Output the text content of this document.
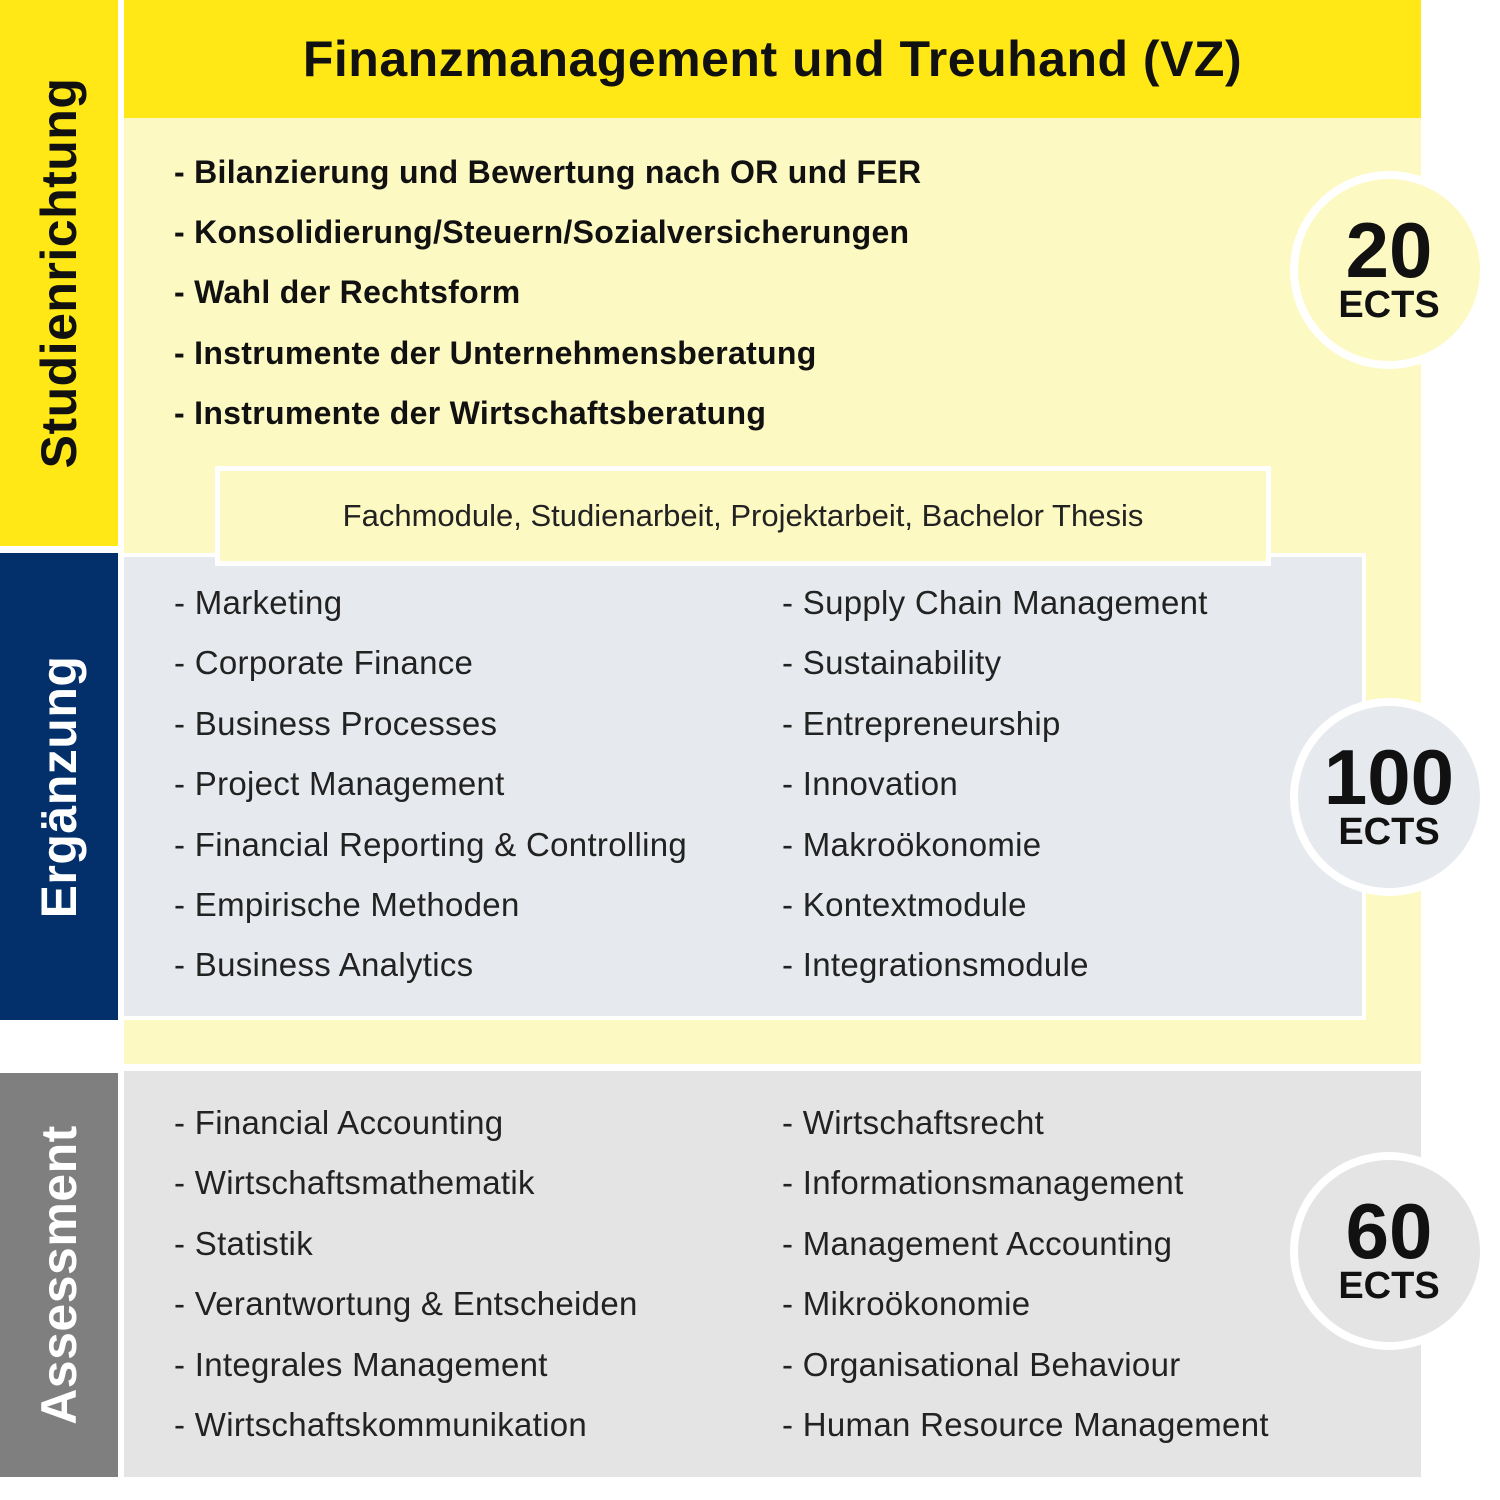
Finanzmanagement und Treuhand (VZ)
Studienrichtung
Ergänzung
Assessment
- Bilanzierung und Bewertung nach OR und FER
- Konsolidierung/Steuern/Sozialversicherungen
- Wahl der Rechtsform
- Instrumente der Unternehmensberatung
- Instrumente der Wirtschaftsberatung
Fachmodule, Studienarbeit, Projektarbeit, Bachelor Thesis
- Marketing
- Corporate Finance
- Business Processes
- Project Management
- Financial Reporting & Controlling
- Empirische Methoden
- Business Analytics
- Supply Chain Management
- Sustainability
- Entrepreneurship
- Innovation
- Makroökonomie
- Kontextmodule
- Integrationsmodule
- Financial Accounting
- Wirtschaftsmathematik
- Statistik
- Verantwortung & Entscheiden
- Integrales Management
- Wirtschaftskommunikation
- Wirtschaftsrecht
- Informationsmanagement
- Management Accounting
- Mikroökonomie
- Organisational Behaviour
- Human Resource Management
20
ECTS
100
ECTS
60
ECTS
